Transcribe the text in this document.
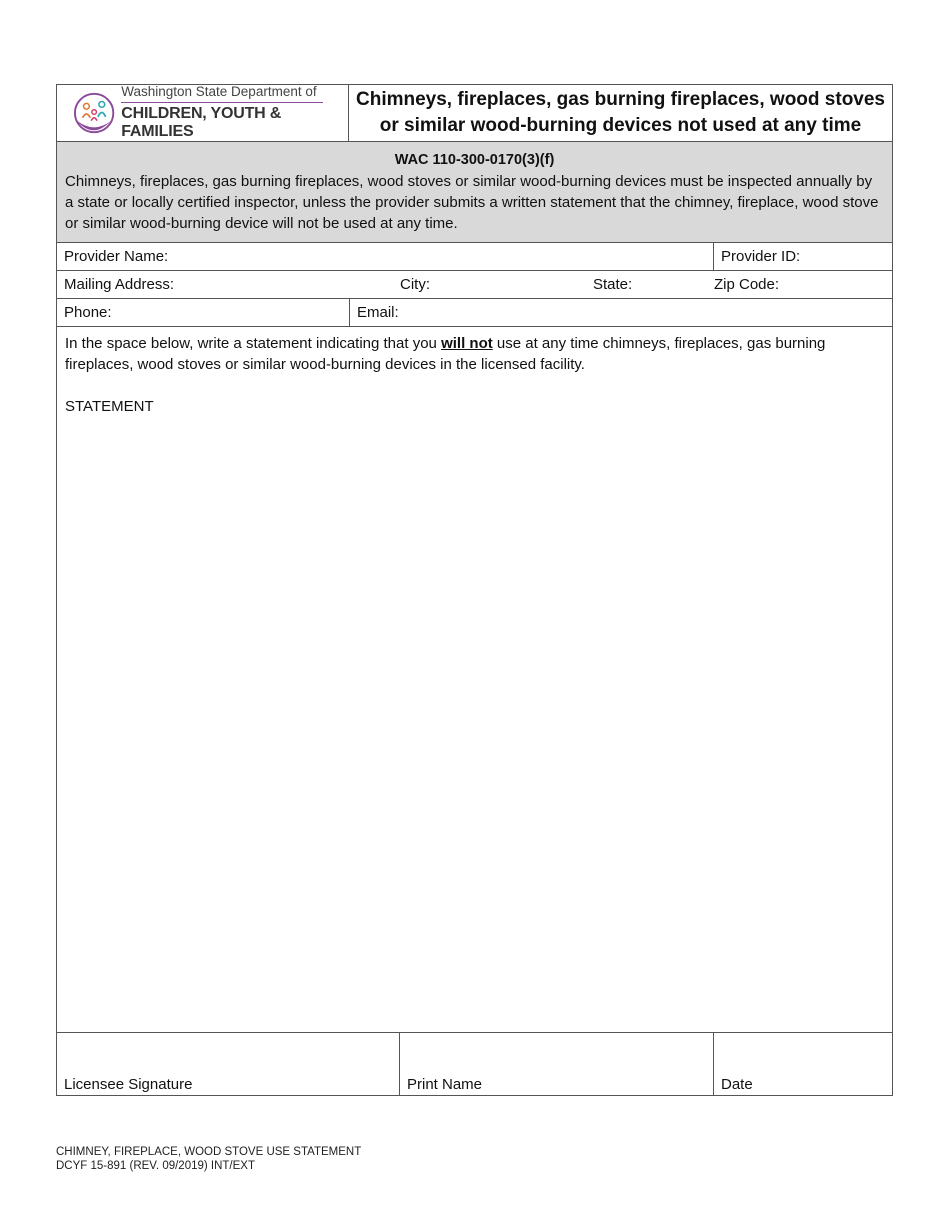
Washington State Department of
CHILDREN, YOUTH & FAMILIES
Chimneys, fireplaces, gas burning fireplaces, wood stoves
or similar wood-burning devices not used at any time
WAC 110-300-0170(3)(f)
Chimneys, fireplaces, gas burning fireplaces, wood stoves or similar wood-burning devices must be inspected annually by a state or locally certified inspector, unless the provider submits a written statement that the chimney, fireplace, wood stove or similar wood-burning device will not be used at any time.
Provider Name:	Provider ID:
Mailing Address:	City:	State:	Zip Code:
Phone:	Email:
In the space below, write a statement indicating that you will not use at any time chimneys, fireplaces, gas burning fireplaces, wood stoves or similar wood-burning devices in the licensed facility.
STATEMENT
Licensee Signature	Print Name	Date
CHIMNEY, FIREPLACE, WOOD STOVE USE STATEMENT
DCYF 15-891 (REV. 09/2019) INT/EXT
